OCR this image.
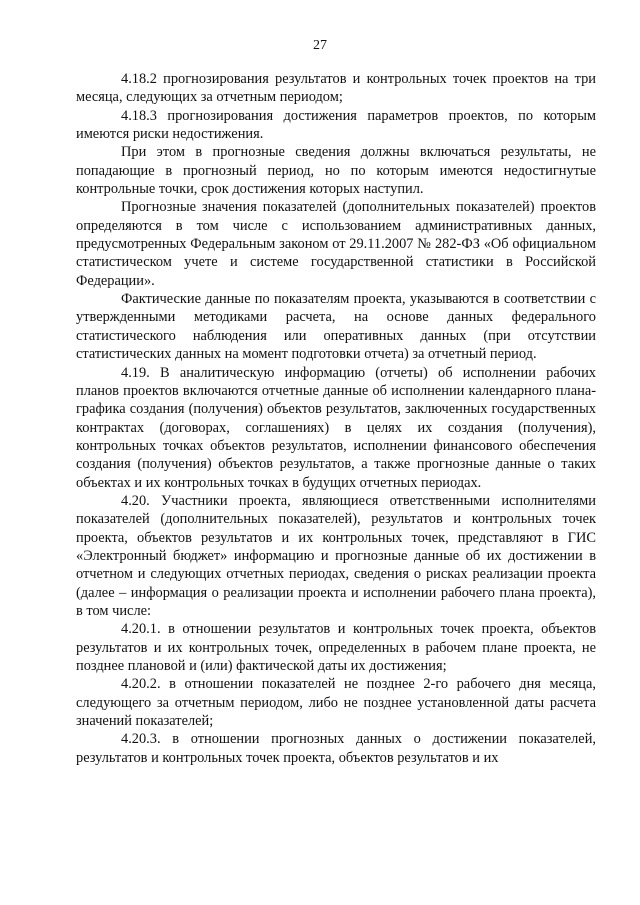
27

4.18.2 прогнозирования результатов и контрольных точек проектов на три месяца, следующих за отчетным периодом;

4.18.3 прогнозирования достижения параметров проектов, по которым имеются риски недостижения.

При этом в прогнозные сведения должны включаться результаты, не попадающие в прогнозный период, но по которым имеются недостигнутые контрольные точки, срок достижения которых наступил.

Прогнозные значения показателей (дополнительных показателей) проектов определяются в том числе с использованием административных данных, предусмотренных Федеральным законом от 29.11.2007 № 282-ФЗ «Об официальном статистическом учете и системе государственной статистики в Российской Федерации».

Фактические данные по показателям проекта, указываются в соответствии с утвержденными методиками расчета, на основе данных федерального статистического наблюдения или оперативных данных (при отсутствии статистических данных на момент подготовки отчета) за отчетный период.

4.19. В аналитическую информацию (отчеты) об исполнении рабочих планов проектов включаются отчетные данные об исполнении календарного плана-графика создания (получения) объектов результатов, заключенных государственных контрактах (договорах, соглашениях) в целях их создания (получения), контрольных точках объектов результатов, исполнении финансового обеспечения создания (получения) объектов результатов, а также прогнозные данные о таких объектах и их контрольных точках в будущих отчетных периодах.

4.20. Участники проекта, являющиеся ответственными исполнителями показателей (дополнительных показателей), результатов и контрольных точек проекта, объектов результатов и их контрольных точек, представляют в ГИС «Электронный бюджет» информацию и прогнозные данные об их достижении в отчетном и следующих отчетных периодах, сведения о рисках реализации проекта (далее – информация о реализации проекта и исполнении рабочего плана проекта), в том числе:

4.20.1. в отношении результатов и контрольных точек проекта, объектов результатов и их контрольных точек, определенных в рабочем плане проекта, не позднее плановой и (или) фактической даты их достижения;

4.20.2. в отношении показателей не позднее 2-го рабочего дня месяца, следующего за отчетным периодом, либо не позднее установленной даты расчета значений показателей;

4.20.3. в отношении прогнозных данных о достижении показателей, результатов и контрольных точек проекта, объектов результатов и их
